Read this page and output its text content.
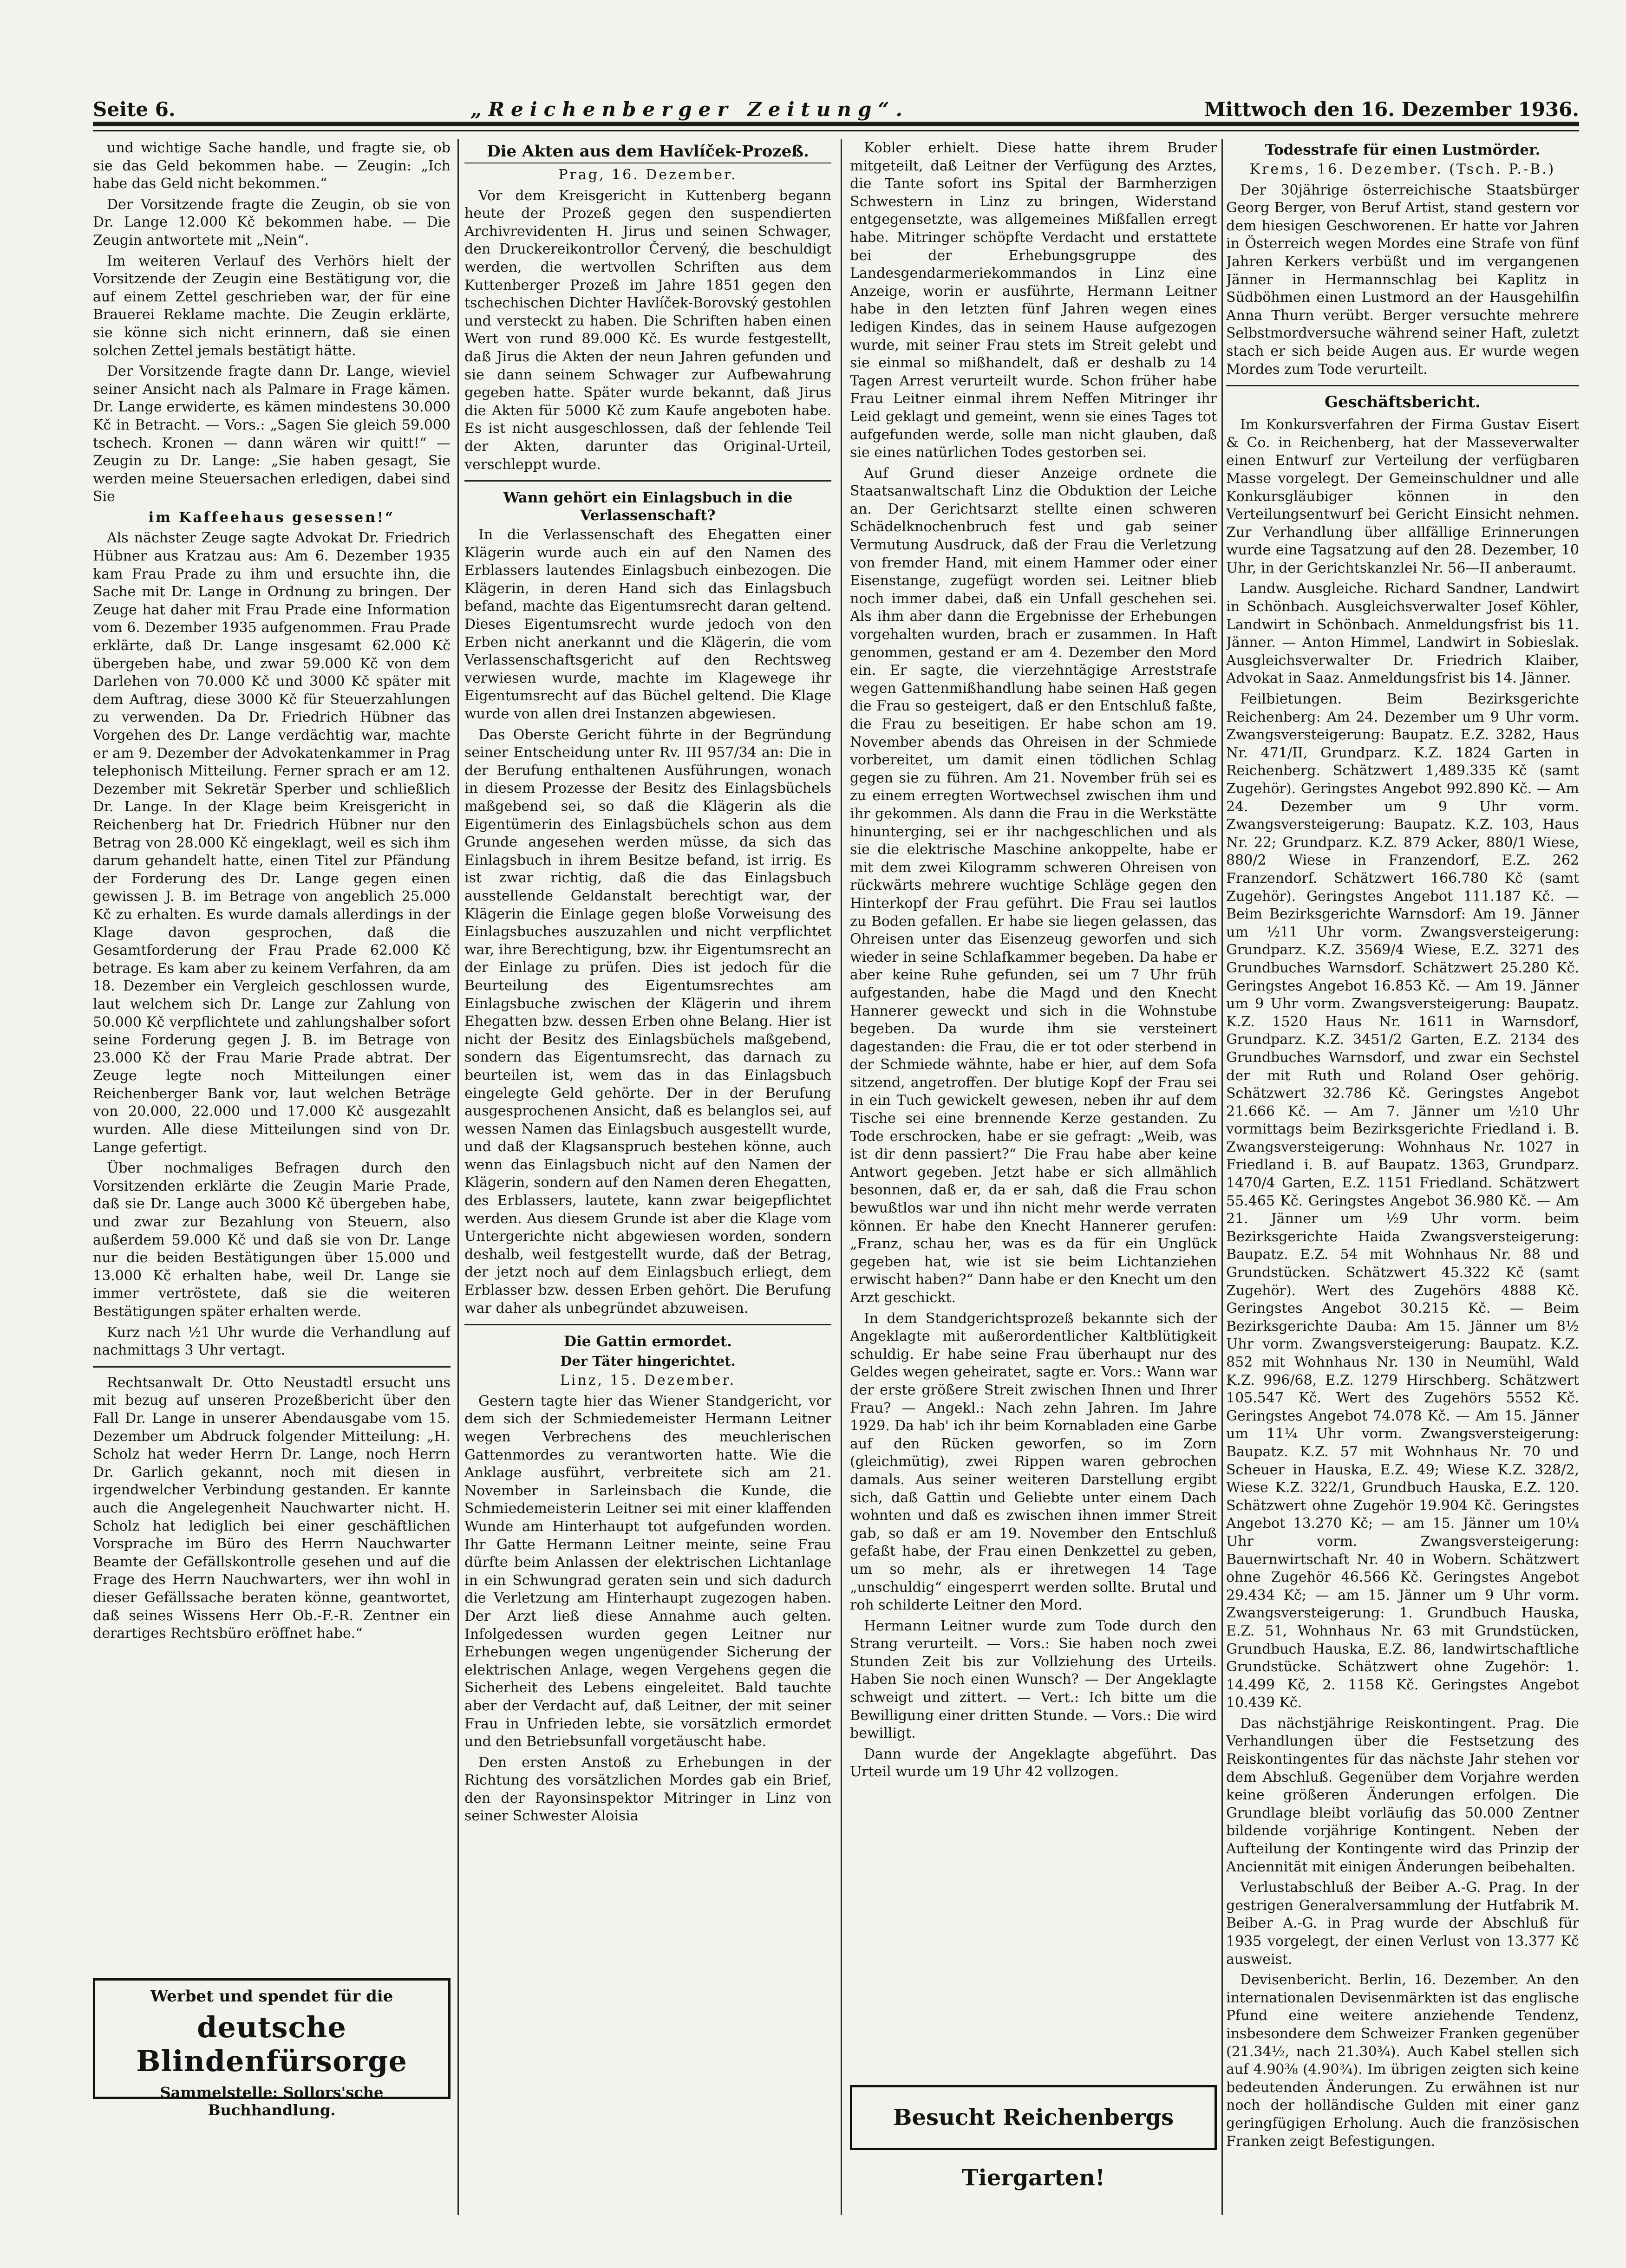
Seite 6.	„Reichenberger Zeitung“.	Mittwoch den 16. Dezember 1936.

und wichtige Sache handle, und fragte sie, ob sie das Geld bekommen habe. — Zeugin: „Ich habe das Geld nicht bekommen.“

Der Vorsitzende fragte die Zeugin, ob sie von Dr. Lange 12.000 Kč bekommen habe. — Die Zeugin antwortete mit „Nein“.

Im weiteren Verlauf des Verhörs hielt der Vorsitzende der Zeugin eine Bestätigung vor, die auf einem Zettel geschrieben war, der für eine Brauerei Reklame machte. Die Zeugin erklärte, sie könne sich nicht erinnern, daß sie einen solchen Zettel jemals bestätigt hätte.

Der Vorsitzende fragte dann Dr. Lange, wieviel seiner Ansicht nach als Palmare in Frage kämen. Dr. Lange erwiderte, es kämen mindestens 30.000 Kč in Betracht. — Vors.: „Sagen Sie gleich 59.000 tschech. Kronen — dann wären wir quitt!“ — Zeugin zu Dr. Lange: „Sie haben gesagt, Sie werden meine Steuersachen erledigen, dabei sind Sie

im Kaffeehaus gesessen!“

Als nächster Zeuge sagte Advokat Dr. Friedrich Hübner aus Kratzau aus: Am 6. Dezember 1935 kam Frau Prade zu ihm und ersuchte ihn, die Sache mit Dr. Lange in Ordnung zu bringen. Der Zeuge hat daher mit Frau Prade eine Information vom 6. Dezember 1935 aufgenommen. Frau Prade erklärte, daß Dr. Lange insgesamt 62.000 Kč übergeben habe, und zwar 59.000 Kč von dem Darlehen von 70.000 Kč und 3000 Kč später mit dem Auftrag, diese 3000 Kč für Steuerzahlungen zu verwenden. Da Dr. Friedrich Hübner das Vorgehen des Dr. Lange verdächtig war, machte er am 9. Dezember der Advokatenkammer in Prag telephonisch Mitteilung. Ferner sprach er am 12. Dezember mit Sekretär Sperber und schließlich Dr. Lange. In der Klage beim Kreisgericht in Reichenberg hat Dr. Friedrich Hübner nur den Betrag von 28.000 Kč eingeklagt, weil es sich ihm darum gehandelt hatte, einen Titel zur Pfändung der Forderung des Dr. Lange gegen einen gewissen J. B. im Betrage von angeblich 25.000 Kč zu erhalten. Es wurde damals allerdings in der Klage davon gesprochen, daß die Gesamtforderung der Frau Prade 62.000 Kč betrage. Es kam aber zu keinem Verfahren, da am 18. Dezember ein Vergleich geschlossen wurde, laut welchem sich Dr. Lange zur Zahlung von 50.000 Kč verpflichtete und zahlungshalber sofort seine Forderung gegen J. B. im Betrage von 23.000 Kč der Frau Marie Prade abtrat. Der Zeuge legte noch Mitteilungen einer Reichenberger Bank vor, laut welchen Beträge von 20.000, 22.000 und 17.000 Kč ausgezahlt wurden. Alle diese Mitteilungen sind von Dr. Lange gefertigt.

Über nochmaliges Befragen durch den Vorsitzenden erklärte die Zeugin Marie Prade, daß sie Dr. Lange auch 3000 Kč übergeben habe, und zwar zur Bezahlung von Steuern, also außerdem 59.000 Kč und daß sie von Dr. Lange nur die beiden Bestätigungen über 15.000 und 13.000 Kč erhalten habe, weil Dr. Lange sie immer vertröstete, daß sie die weiteren Bestätigungen später erhalten werde.

Kurz nach ½1 Uhr wurde die Verhandlung auf nachmittags 3 Uhr vertagt.

Rechtsanwalt Dr. Otto Neustadtl ersucht uns mit bezug auf unseren Prozeßbericht über den Fall Dr. Lange in unserer Abendausgabe vom 15. Dezember um Abdruck folgender Mitteilung: „H. Scholz hat weder Herrn Dr. Lange, noch Herrn Dr. Garlich gekannt, noch mit diesen in irgendwelcher Verbindung gestanden. Er kannte auch die Angelegenheit Nauchwarter nicht. H. Scholz hat lediglich bei einer geschäftlichen Vorsprache im Büro des Herrn Nauchwarter Beamte der Gefällskontrolle gesehen und auf die Frage des Herrn Nauchwarters, wer ihn wohl in dieser Gefällssache beraten könne, geantwortet, daß seines Wissens Herr Ob.-F.-R. Zentner ein derartiges Rechtsbüro eröffnet habe.“

Werbet und spendet für die
deutsche Blindenfürsorge
Sammelstelle: Sollors'sche Buchhandlung.
Die Akten aus dem Havlíček-Prozeß.
Prag, 16. Dezember.

Vor dem Kreisgericht in Kuttenberg begann heute der Prozeß gegen den suspendierten Archivrevidenten H. Jirus und seinen Schwager, den Druckereikontrollor Červený, die beschuldigt werden, die wertvollen Schriften aus dem Kuttenberger Prozeß im Jahre 1851 gegen den tschechischen Dichter Havlíček-Borovský gestohlen und versteckt zu haben. Die Schriften haben einen Wert von rund 89.000 Kč. Es wurde festgestellt, daß Jirus die Akten der neun Jahren gefunden und sie dann seinem Schwager zur Aufbewahrung gegeben hatte. Später wurde bekannt, daß Jirus die Akten für 5000 Kč zum Kaufe angeboten habe. Es ist nicht ausgeschlossen, daß der fehlende Teil der Akten, darunter das Original-Urteil, verschleppt wurde.

Wann gehört ein Einlagsbuch in die Verlassenschaft?

In die Verlassenschaft des Ehegatten einer Klägerin wurde auch ein auf den Namen des Erblassers lautendes Einlagsbuch einbezogen. Die Klägerin, in deren Hand sich das Einlagsbuch befand, machte das Eigentumsrecht daran geltend. Dieses Eigentumsrecht wurde jedoch von den Erben nicht anerkannt und die Klägerin, die vom Verlassenschaftsgericht auf den Rechtsweg verwiesen wurde, machte im Klagewege ihr Eigentumsrecht auf das Büchel geltend. Die Klage wurde von allen drei Instanzen abgewiesen.

Das Oberste Gericht führte in der Begründung seiner Entscheidung unter Rv. III 957/34 an: Die in der Berufung enthaltenen Ausführungen, wonach in diesem Prozesse der Besitz des Einlagsbüchels maßgebend sei, so daß die Klägerin als die Eigentümerin des Einlagsbüchels schon aus dem Grunde angesehen werden müsse, da sich das Einlagsbuch in ihrem Besitze befand, ist irrig. Es ist zwar richtig, daß die das Einlagsbuch ausstellende Geldanstalt berechtigt war, der Klägerin die Einlage gegen bloße Vorweisung des Einlagsbuches auszuzahlen und nicht verpflichtet war, ihre Berechtigung, bzw. ihr Eigentumsrecht an der Einlage zu prüfen. Dies ist jedoch für die Beurteilung des Eigentumsrechtes am Einlagsbuche zwischen der Klägerin und ihrem Ehegatten bzw. dessen Erben ohne Belang. Hier ist nicht der Besitz des Einlagsbüchels maßgebend, sondern das Eigentumsrecht, das darnach zu beurteilen ist, wem das in das Einlagsbuch eingelegte Geld gehörte. Der in der Berufung ausgesprochenen Ansicht, daß es belanglos sei, auf wessen Namen das Einlagsbuch ausgestellt wurde, und daß der Klagsanspruch bestehen könne, auch wenn das Einlagsbuch nicht auf den Namen der Klägerin, sondern auf den Namen deren Ehegatten, des Erblassers, lautete, kann zwar beigepflichtet werden. Aus diesem Grunde ist aber die Klage vom Untergerichte nicht abgewiesen worden, sondern deshalb, weil festgestellt wurde, daß der Betrag, der jetzt noch auf dem Einlagsbuch erliegt, dem Erblasser bzw. dessen Erben gehört. Die Berufung war daher als unbegründet abzuweisen.

Die Gattin ermordet.
Der Täter hingerichtet.
Linz, 15. Dezember.

Gestern tagte hier das Wiener Standgericht, vor dem sich der Schmiedemeister Hermann Leitner wegen Verbrechens des meuchlerischen Gattenmordes zu verantworten hatte. Wie die Anklage ausführt, verbreitete sich am 21. November in Sarleinsbach die Kunde, die Schmiedemeisterin Leitner sei mit einer klaffenden Wunde am Hinterhaupt tot aufgefunden worden. Ihr Gatte Hermann Leitner meinte, seine Frau dürfte beim Anlassen der elektrischen Lichtanlage in ein Schwungrad geraten sein und sich dadurch die Verletzung am Hinterhaupt zugezogen haben. Der Arzt ließ diese Annahme auch gelten. Infolgedessen wurden gegen Leitner nur Erhebungen wegen ungenügender Sicherung der elektrischen Anlage, wegen Vergehens gegen die Sicherheit des Lebens eingeleitet. Bald tauchte aber der Verdacht auf, daß Leitner, der mit seiner Frau in Unfrieden lebte, sie vorsätzlich ermordet und den Betriebsunfall vorgetäuscht habe.

Den ersten Anstoß zu Erhebungen in der Richtung des vorsätzlichen Mordes gab ein Brief, den der Rayonsinspektor Mitringer in Linz von seiner Schwester Aloisia

Kobler erhielt. Diese hatte ihrem Bruder mitgeteilt, daß Leitner der Verfügung des Arztes, die Tante sofort ins Spital der Barmherzigen Schwestern in Linz zu bringen, Widerstand entgegensetzte, was allgemeines Mißfallen erregt habe. Mitringer schöpfte Verdacht und erstattete bei der Erhebungsgruppe des Landesgendarmeriekommandos in Linz eine Anzeige, worin er ausführte, Hermann Leitner habe in den letzten fünf Jahren wegen eines ledigen Kindes, das in seinem Hause aufgezogen wurde, mit seiner Frau stets im Streit gelebt und sie einmal so mißhandelt, daß er deshalb zu 14 Tagen Arrest verurteilt wurde. Schon früher habe Frau Leitner einmal ihrem Neffen Mitringer ihr Leid geklagt und gemeint, wenn sie eines Tages tot aufgefunden werde, solle man nicht glauben, daß sie eines natürlichen Todes gestorben sei.

Auf Grund dieser Anzeige ordnete die Staatsanwaltschaft Linz die Obduktion der Leiche an. Der Gerichtsarzt stellte einen schweren Schädelknochenbruch fest und gab seiner Vermutung Ausdruck, daß der Frau die Verletzung von fremder Hand, mit einem Hammer oder einer Eisenstange, zugefügt worden sei. Leitner blieb noch immer dabei, daß ein Unfall geschehen sei. Als ihm aber dann die Ergebnisse der Erhebungen vorgehalten wurden, brach er zusammen. In Haft genommen, gestand er am 4. Dezember den Mord ein. Er sagte, die vierzehntägige Arreststrafe wegen Gattenmißhandlung habe seinen Haß gegen die Frau so gesteigert, daß er den Entschluß faßte, die Frau zu beseitigen. Er habe schon am 19. November abends das Ohreisen in der Schmiede vorbereitet, um damit einen tödlichen Schlag gegen sie zu führen. Am 21. November früh sei es zu einem erregten Wortwechsel zwischen ihm und ihr gekommen. Als dann die Frau in die Werkstätte hinunterging, sei er ihr nachgeschlichen und als sie die elektrische Maschine ankoppelte, habe er mit dem zwei Kilogramm schweren Ohreisen von rückwärts mehrere wuchtige Schläge gegen den Hinterkopf der Frau geführt. Die Frau sei lautlos zu Boden gefallen. Er habe sie liegen gelassen, das Ohreisen unter das Eisenzeug geworfen und sich wieder in seine Schlafkammer begeben. Da habe er aber keine Ruhe gefunden, sei um 7 Uhr früh aufgestanden, habe die Magd und den Knecht Hannerer geweckt und sich in die Wohnstube begeben. Da wurde ihm sie versteinert dagestanden: die Frau, die er tot oder sterbend in der Schmiede wähnte, habe er hier, auf dem Sofa sitzend, angetroffen. Der blutige Kopf der Frau sei in ein Tuch gewickelt gewesen, neben ihr auf dem Tische sei eine brennende Kerze gestanden. Zu Tode erschrocken, habe er sie gefragt: „Weib, was ist dir denn passiert?“ Die Frau habe aber keine Antwort gegeben. Jetzt habe er sich allmählich besonnen, daß er, da er sah, daß die Frau schon bewußtlos war und ihn nicht mehr werde verraten können. Er habe den Knecht Hannerer gerufen: „Franz, schau her, was es da für ein Unglück gegeben hat, wie ist sie beim Lichtanziehen erwischt haben?“ Dann habe er den Knecht um den Arzt geschickt.

In dem Standgerichtsprozeß bekannte sich der Angeklagte mit außerordentlicher Kaltblütigkeit schuldig. Er habe seine Frau überhaupt nur des Geldes wegen geheiratet, sagte er. Vors.: Wann war der erste größere Streit zwischen Ihnen und Ihrer Frau? — Angekl.: Nach zehn Jahren. Im Jahre 1929. Da hab' ich ihr beim Kornabladen eine Garbe auf den Rücken geworfen, so im Zorn (gleichmütig), zwei Rippen waren gebrochen damals. Aus seiner weiteren Darstellung ergibt sich, daß Gattin und Geliebte unter einem Dach wohnten und daß es zwischen ihnen immer Streit gab, so daß er am 19. November den Entschluß gefaßt habe, der Frau einen Denkzettel zu geben, um so mehr, als er ihretwegen 14 Tage „unschuldig“ eingesperrt werden sollte. Brutal und roh schilderte Leitner den Mord.

Hermann Leitner wurde zum Tode durch den Strang verurteilt. — Vors.: Sie haben noch zwei Stunden Zeit bis zur Vollziehung des Urteils. Haben Sie noch einen Wunsch? — Der Angeklagte schweigt und zittert. — Vert.: Ich bitte um die Bewilligung einer dritten Stunde. — Vors.: Die wird bewilligt.

Dann wurde der Angeklagte abgeführt. Das Urteil wurde um 19 Uhr 42 vollzogen.

Besucht Reichenbergs Tiergarten!
Todesstrafe für einen Lustmörder.
Krems, 16. Dezember. (Tsch. P.-B.)

Der 30jährige österreichische Staatsbürger Georg Berger, von Beruf Artist, stand gestern vor dem hiesigen Geschworenen. Er hatte vor Jahren in Österreich wegen Mordes eine Strafe von fünf Jahren Kerkers verbüßt und im vergangenen Jänner in Hermannschlag bei Kaplitz in Südböhmen einen Lustmord an der Hausgehilfin Anna Thurn verübt. Berger versuchte mehrere Selbstmordversuche während seiner Haft, zuletzt stach er sich beide Augen aus. Er wurde wegen Mordes zum Tode verurteilt.

Geschäftsbericht.

Im Konkursverfahren der Firma Gustav Eisert & Co. in Reichenberg, hat der Masseverwalter einen Entwurf zur Verteilung der verfügbaren Masse vorgelegt. Der Gemeinschuldner und alle Konkursgläubiger können in den Verteilungsentwurf bei Gericht Einsicht nehmen. Zur Verhandlung über allfällige Erinnerungen wurde eine Tagsatzung auf den 28. Dezember, 10 Uhr, in der Gerichtskanzlei Nr. 56—II anberaumt.

Landw. Ausgleiche. Richard Sandner, Landwirt in Schönbach. Ausgleichsverwalter Josef Köhler, Landwirt in Schönbach. Anmeldungsfrist bis 11. Jänner. — Anton Himmel, Landwirt in Sobieslak. Ausgleichsverwalter Dr. Friedrich Klaiber, Advokat in Saaz. Anmeldungsfrist bis 14. Jänner.

Feilbietungen. Beim Bezirksgerichte Reichenberg: Am 24. Dezember um 9 Uhr vorm. Zwangsversteigerung: Baupatz. E.Z. 3282, Haus Nr. 471/II, Grundparz. K.Z. 1824 Garten in Reichenberg. Schätzwert 1,489.335 Kč (samt Zugehör). Geringstes Angebot 992.890 Kč. — Am 24. Dezember um 9 Uhr vorm. Zwangsversteigerung: Baupatz. K.Z. 103, Haus Nr. 22; Grundparz. K.Z. 879 Acker, 880/1 Wiese, 880/2 Wiese in Franzendorf, E.Z. 262 Franzendorf. Schätzwert 166.780 Kč (samt Zugehör). Geringstes Angebot 111.187 Kč. — Beim Bezirksgerichte Warnsdorf: Am 19. Jänner um ½11 Uhr vorm. Zwangsversteigerung: Grundparz. K.Z. 3569/4 Wiese, E.Z. 3271 des Grundbuches Warnsdorf. Schätzwert 25.280 Kč. Geringstes Angebot 16.853 Kč. — Am 19. Jänner um 9 Uhr vorm. Zwangsversteigerung: Baupatz. K.Z. 1520 Haus Nr. 1611 in Warnsdorf, Grundparz. K.Z. 3451/2 Garten, E.Z. 2134 des Grundbuches Warnsdorf, und zwar ein Sechstel der mit Ruth und Roland Oser gehörig. Schätzwert 32.786 Kč. Geringstes Angebot 21.666 Kč. — Am 7. Jänner um ½10 Uhr vormittags beim Bezirksgerichte Friedland i. B. Zwangsversteigerung: Wohnhaus Nr. 1027 in Friedland i. B. auf Baupatz. 1363, Grundparz. 1470/4 Garten, E.Z. 1151 Friedland. Schätzwert 55.465 Kč. Geringstes Angebot 36.980 Kč. — Am 21. Jänner um ½9 Uhr vorm. beim Bezirksgerichte Haida Zwangsversteigerung: Baupatz. E.Z. 54 mit Wohnhaus Nr. 88 und Grundstücken. Schätzwert 45.322 Kč (samt Zugehör). Wert des Zugehörs 4888 Kč. Geringstes Angebot 30.215 Kč. — Beim Bezirksgerichte Dauba: Am 15. Jänner um 8½ Uhr vorm. Zwangsversteigerung: Baupatz. K.Z. 852 mit Wohnhaus Nr. 130 in Neumühl, Wald K.Z. 996/68, E.Z. 1279 Hirschberg. Schätzwert 105.547 Kč. Wert des Zugehörs 5552 Kč. Geringstes Angebot 74.078 Kč. — Am 15. Jänner um 11¼ Uhr vorm. Zwangsversteigerung: Baupatz. K.Z. 57 mit Wohnhaus Nr. 70 und Scheuer in Hauska, E.Z. 49; Wiese K.Z. 328/2, Wiese K.Z. 322/1, Grundbuch Hauska, E.Z. 120. Schätzwert ohne Zugehör 19.904 Kč. Geringstes Angebot 13.270 Kč; — am 15. Jänner um 10¼ Uhr vorm. Zwangsversteigerung: Bauernwirtschaft Nr. 40 in Wobern. Schätzwert ohne Zugehör 46.566 Kč. Geringstes Angebot 29.434 Kč; — am 15. Jänner um 9 Uhr vorm. Zwangsversteigerung: 1. Grundbuch Hauska, E.Z. 51, Wohnhaus Nr. 63 mit Grundstücken, Grundbuch Hauska, E.Z. 86, landwirtschaftliche Grundstücke. Schätzwert ohne Zugehör: 1. 14.499 Kč, 2. 1158 Kč. Geringstes Angebot 10.439 Kč.

Das nächstjährige Reiskontingent. Prag. Die Verhandlungen über die Festsetzung des Reiskontingentes für das nächste Jahr stehen vor dem Abschluß. Gegenüber dem Vorjahre werden keine größeren Änderungen erfolgen. Die Grundlage bleibt vorläufig das 50.000 Zentner bildende vorjährige Kontingent. Neben der Aufteilung der Kontingente wird das Prinzip der Anciennität mit einigen Änderungen beibehalten.

Verlustabschluß der Beiber A.-G. Prag. In der gestrigen Generalversammlung der Hutfabrik M. Beiber A.-G. in Prag wurde der Abschluß für 1935 vorgelegt, der einen Verlust von 13.377 Kč ausweist.

Devisenbericht. Berlin, 16. Dezember. An den internationalen Devisenmärkten ist das englische Pfund eine weitere anziehende Tendenz, insbesondere dem Schweizer Franken gegenüber (21.34½, nach 21.30¾). Auch Kabel stellen sich auf 4.90⅜ (4.90¾). Im übrigen zeigten sich keine bedeutenden Änderungen. Zu erwähnen ist nur noch der holländische Gulden mit einer ganz geringfügigen Erholung. Auch die französischen Franken zeigt Befestigungen.
